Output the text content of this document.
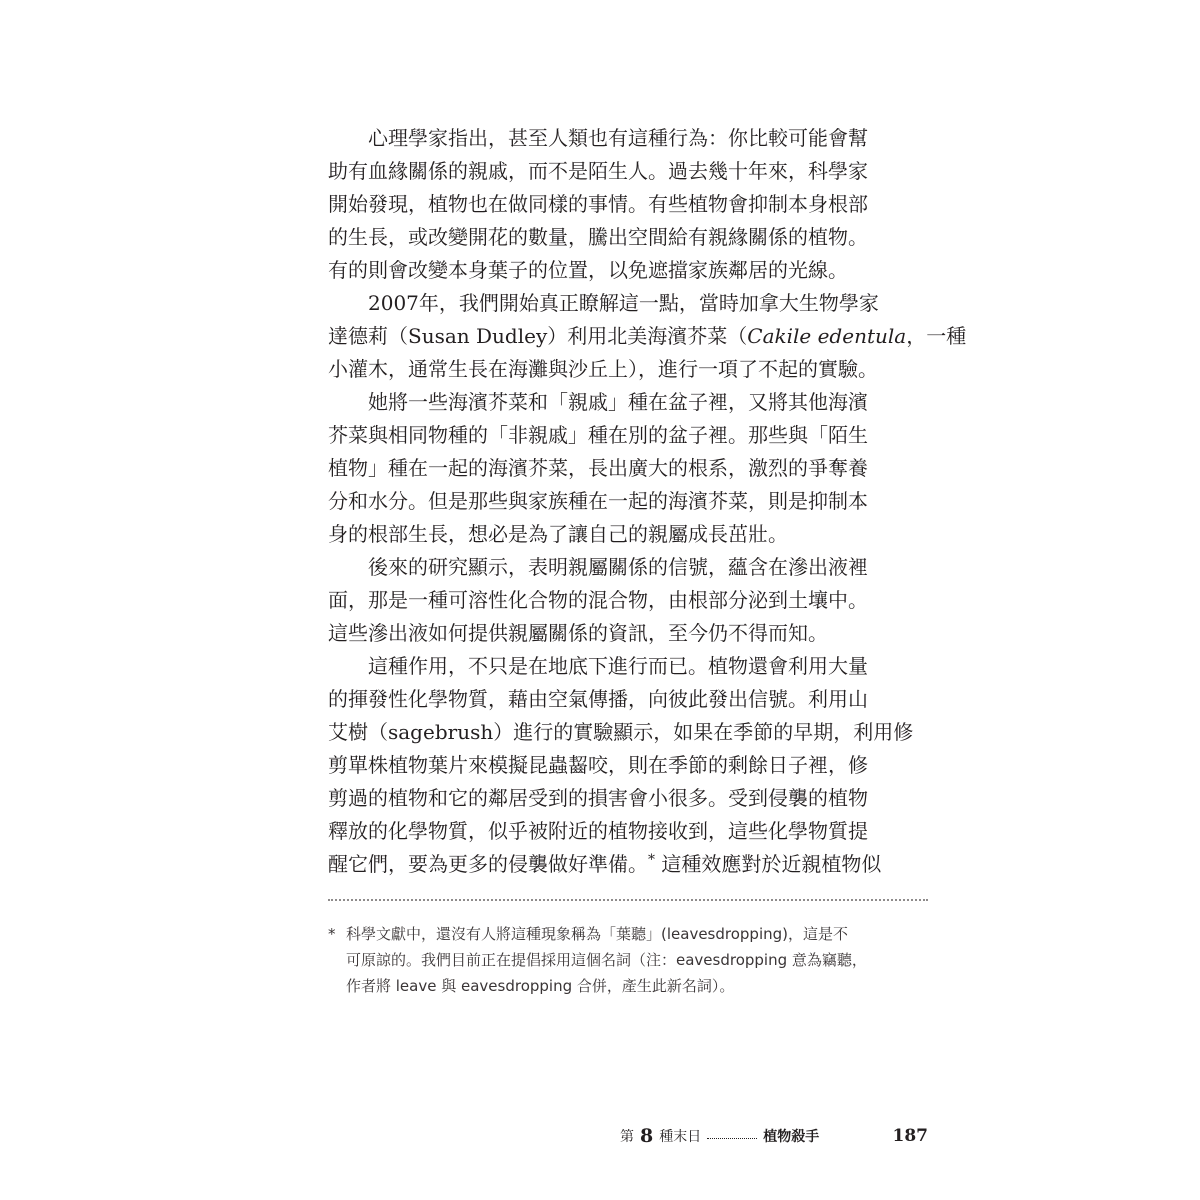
心理學家指出，甚至人類也有這種行為：你比較可能會幫
助有血緣關係的親戚，而不是陌生人。過去幾十年來，科學家
開始發現，植物也在做同樣的事情。有些植物會抑制本身根部
的生長，或改變開花的數量，騰出空間給有親緣關係的植物。
有的則會改變本身葉子的位置，以免遮擋家族鄰居的光線。
2007年，我們開始真正瞭解這一點，當時加拿大生物學家
達德莉（Susan Dudley）利用北美海濱芥菜（Cakile edentula，一種
小灌木，通常生長在海灘與沙丘上），進行一項了不起的實驗。
她將一些海濱芥菜和「親戚」種在盆子裡，又將其他海濱
芥菜與相同物種的「非親戚」種在別的盆子裡。那些與「陌生
植物」種在一起的海濱芥菜，長出廣大的根系，激烈的爭奪養
分和水分。但是那些與家族種在一起的海濱芥菜，則是抑制本
身的根部生長，想必是為了讓自己的親屬成長茁壯。
後來的研究顯示，表明親屬關係的信號，蘊含在滲出液裡
面，那是一種可溶性化合物的混合物，由根部分泌到土壤中。
這些滲出液如何提供親屬關係的資訊，至今仍不得而知。
這種作用，不只是在地底下進行而已。植物還會利用大量
的揮發性化學物質，藉由空氣傳播，向彼此發出信號。利用山
艾樹（sagebrush）進行的實驗顯示，如果在季節的早期，利用修
剪單株植物葉片來模擬昆蟲齧咬，則在季節的剩餘日子裡，修
剪過的植物和它的鄰居受到的損害會小很多。受到侵襲的植物
釋放的化學物質，似乎被附近的植物接收到，這些化學物質提
醒它們，要為更多的侵襲做好準備。* 這種效應對於近親植物似
* 科學文獻中，還沒有人將這種現象稱為「葉聽」(leavesdropping)，這是不
可原諒的。我們目前正在提倡採用這個名詞（注：eavesdropping 意為竊聽，
作者將 leave 與 eavesdropping 合併，產生此新名詞）。
第 8 種末日	植物殺手	187
